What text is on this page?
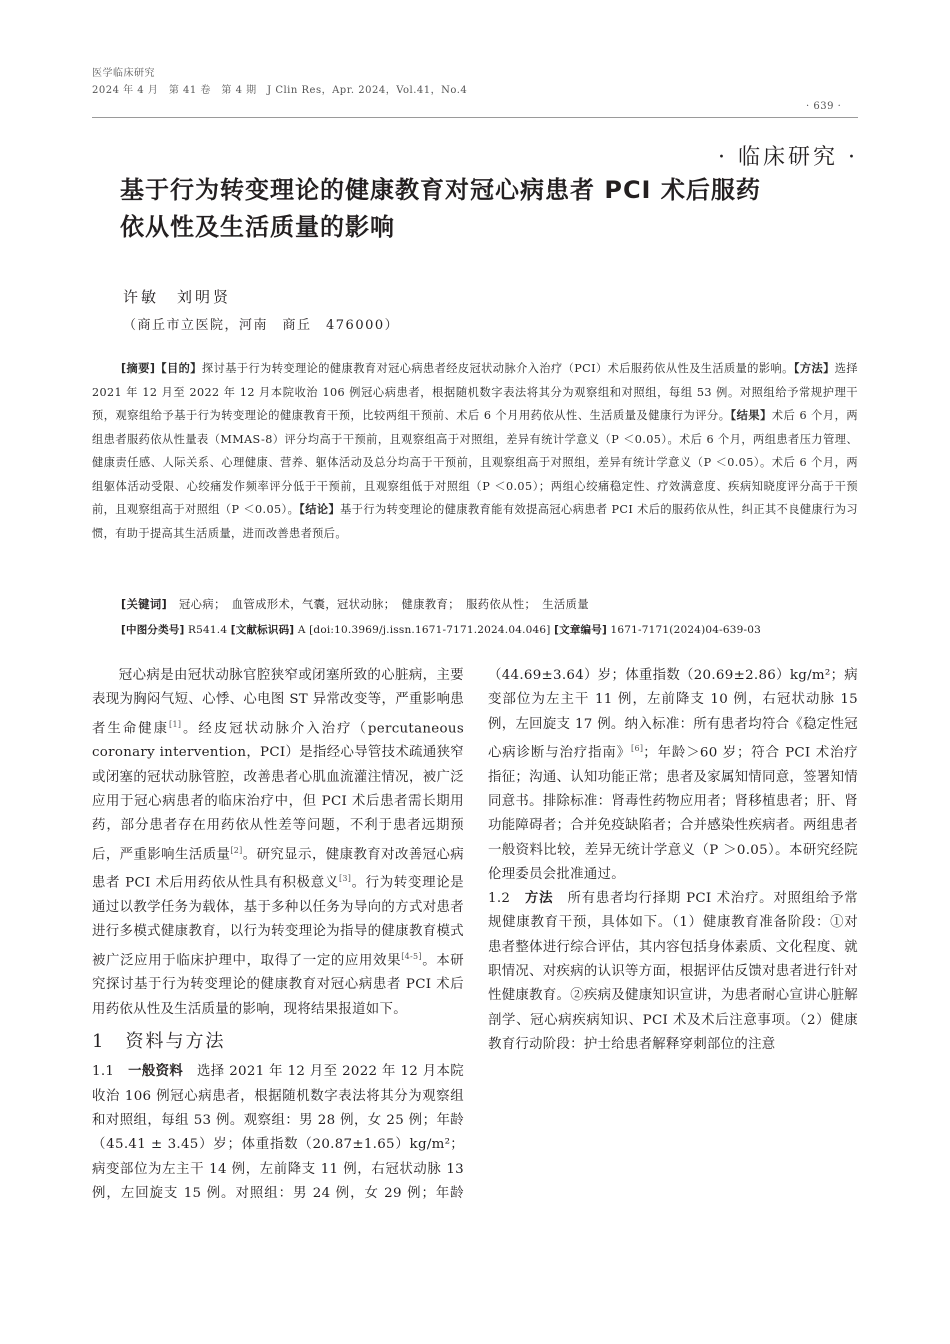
医学临床研究
2024 年 4 月　第 41 卷　第 4 期　J Clin Res，Apr. 2024，Vol.41，No.4
· 639 ·
· 临床研究 ·
基于行为转变理论的健康教育对冠心病患者 PCI 术后服药
依从性及生活质量的影响
许敏　刘明贤
（商丘市立医院，河南　商丘　476000）
[摘要]【目的】探讨基于行为转变理论的健康教育对冠心病患者经皮冠状动脉介入治疗（PCI）术后服药依从性及生活质量的影响。【方法】选择 2021 年 12 月至 2022 年 12 月本院收治 106 例冠心病患者，根据随机数字表法将其分为观察组和对照组，每组 53 例。对照组给予常规护理干预，观察组给予基于行为转变理论的健康教育干预，比较两组干预前、术后 6 个月用药依从性、生活质量及健康行为评分。【结果】术后 6 个月，两组患者服药依从性量表（MMAS-8）评分均高于干预前，且观察组高于对照组，差异有统计学意义（P ＜0.05）。术后 6 个月，两组患者压力管理、健康责任感、人际关系、心理健康、营养、躯体活动及总分均高于干预前，且观察组高于对照组，差异有统计学意义（P ＜0.05）。术后 6 个月，两组躯体活动受限、心绞痛发作频率评分低于干预前，且观察组低于对照组（P ＜0.05）；两组心绞痛稳定性、疗效满意度、疾病知晓度评分高于干预前，且观察组高于对照组（P ＜0.05）。【结论】基于行为转变理论的健康教育能有效提高冠心病患者 PCI 术后的服药依从性，纠正其不良健康行为习惯，有助于提高其生活质量，进而改善患者预后。
[关键词]　 冠心病；　血管成形术，气囊，冠状动脉；　健康教育；　服药依从性；　生活质量
[中图分类号] R541.4 [文献标识码] A [doi:10.3969/j.issn.1671-7171.2024.04.046] [文章编号] 1671-7171(2024)04-639-03

冠心病是由冠状动脉官腔狭窄或闭塞所致的心脏病，主要表现为胸闷气短、心悸、心电图 ST 异常改变等，严重影响患者生命健康[1]。经皮冠状动脉介入治疗（percutaneous coronary intervention，PCI）是指经心导管技术疏通狭窄或闭塞的冠状动脉管腔，改善患者心肌血流灌注情况，被广泛应用于冠心病患者的临床治疗中，但 PCI 术后患者需长期用药，部分患者存在用药依从性差等问题，不利于患者远期预后，严重影响生活质量[2]。研究显示，健康教育对改善冠心病患者 PCI 术后用药依从性具有积极意义[3]。行为转变理论是通过以教学任务为载体，基于多种以任务为导向的方式对患者进行多模式健康教育，以行为转变理论为指导的健康教育模式被广泛应用于临床护理中，取得了一定的应用效果[4-5]。本研究探讨基于行为转变理论的健康教育对冠心病患者 PCI 术后用药依从性及生活质量的影响，现将结果报道如下。

1　资料与方法

1.1　 一般资料　 选择 2021 年 12 月至 2022 年 12 月本院收治 106 例冠心病患者，根据随机数字表法将其分为观察组和对照组，每组 53 例。观察组：男 28 例，女 25 例；年龄（45.41 ± 3.45）岁；体重指数（20.87±1.65）kg/m²；病变部位为左主干 14 例，左前降支 11 例，右冠状动脉 13 例，左回旋支 15 例。对照组：男 24 例，女 29 例；年龄

　　 （44.69±3.64）岁；体重指数（20.69±2.86）kg/m²；病变部位为左主干 11 例，左前降支 10 例，右冠状动脉 15 例，左回旋支 17 例。纳入标准：所有患者均符合《稳定性冠心病诊断与治疗指南》[6]；年龄＞60 岁；符合 PCI 术治疗指征；沟通、认知功能正常；患者及家属知情同意，签署知情同意书。排除标准：肾毒性药物应用者；肾移植患者；肝、肾功能障碍者；合并免疫缺陷者；合并感染性疾病者。两组患者一般资料比较，差异无统计学意义（P ＞0.05）。本研究经院伦理委员会批准通过。

1.2　 方法　 所有患者均行择期 PCI 术治疗。对照组给予常规健康教育干预，具体如下。（1）健康教育准备阶段：①对患者整体进行综合评估，其内容包括身体素质、文化程度、就职情况、对疾病的认识等方面，根据评估反馈对患者进行针对性健康教育。②疾病及健康知识宣讲，为患者耐心宣讲心脏解剖学、冠心病疾病知识、PCI 术及术后注意事项。（2）健康教育行动阶段：护士给患者解释穿刺部位的注意
